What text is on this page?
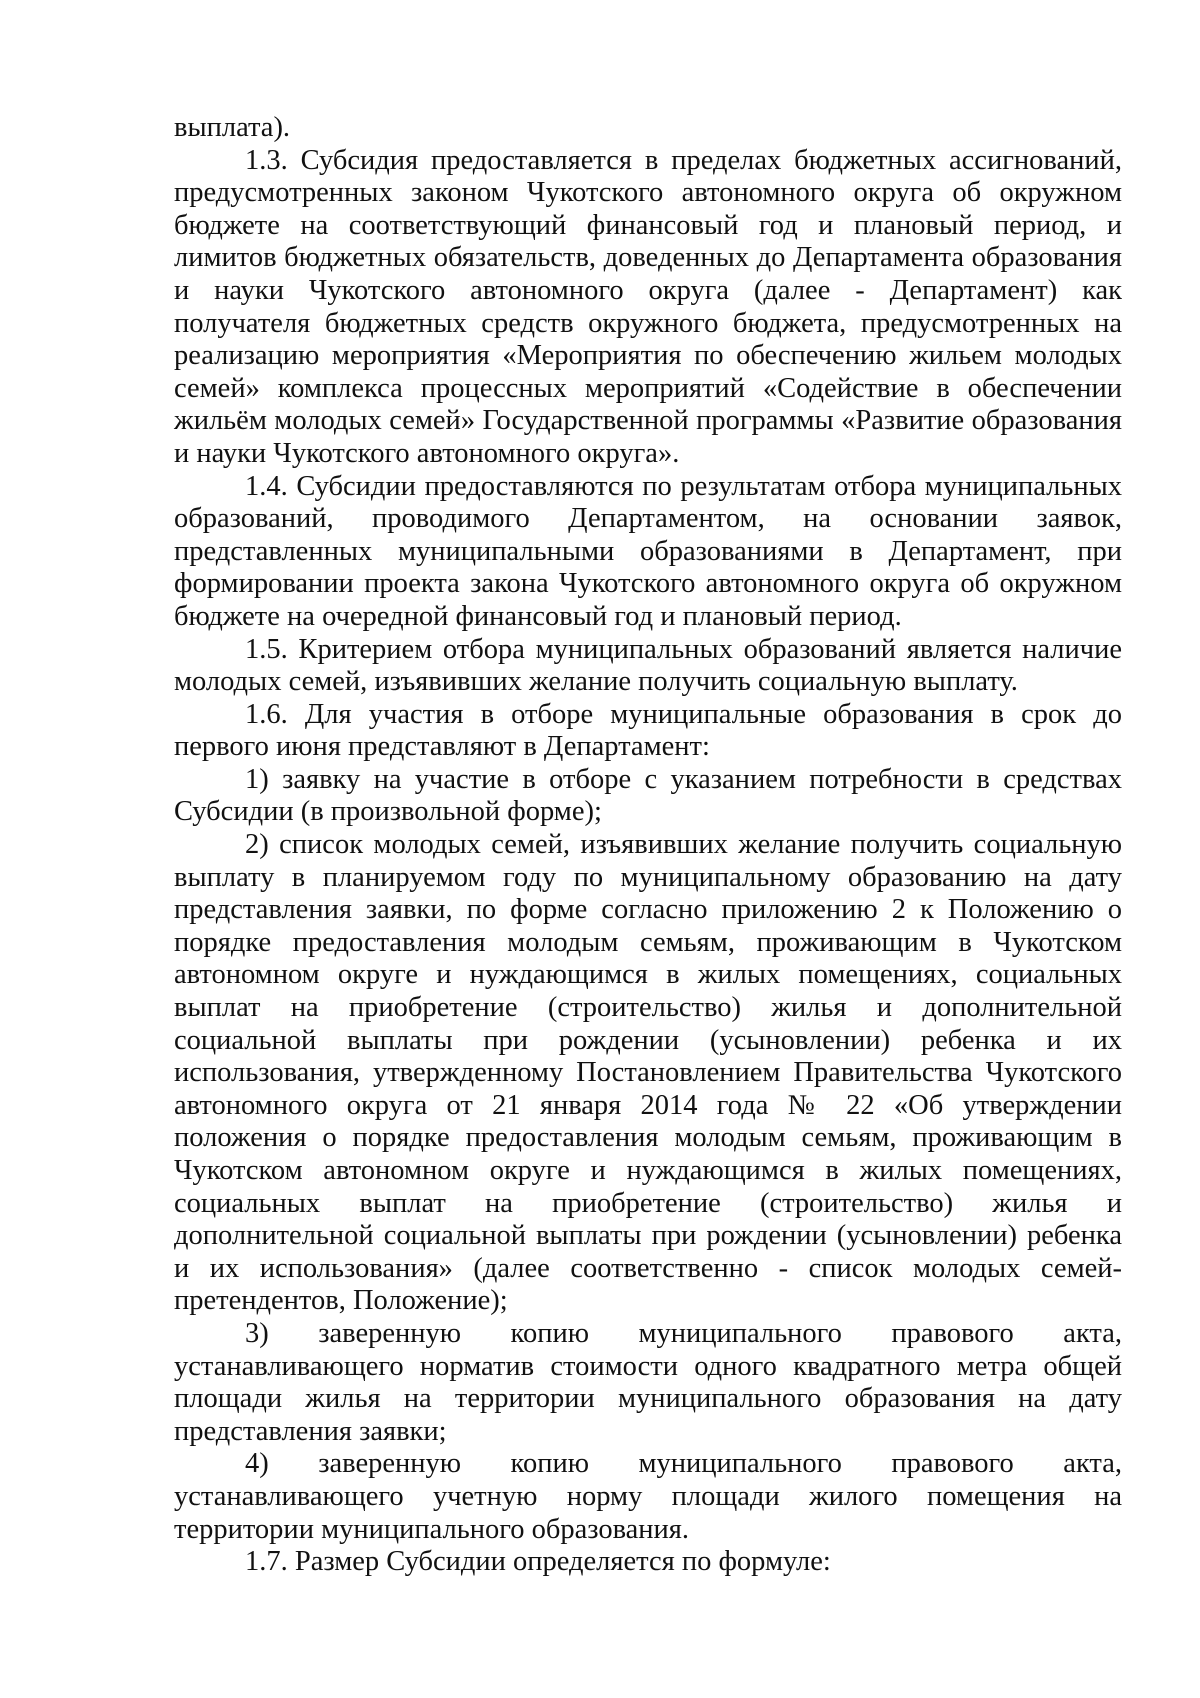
выплата).

1.3. Субсидия предоставляется в пределах бюджетных ассигнований, предусмотренных законом Чукотского автономного округа об окружном бюджете на соответствующий финансовый год и плановый период, и лимитов бюджетных обязательств, доведенных до Департамента образования и науки Чукотского автономного округа (далее - Департамент) как получателя бюджетных средств окружного бюджета, предусмотренных на реализацию мероприятия «Мероприятия по обеспечению жильем молодых семей» комплекса процессных мероприятий «Содействие в обеспечении жильём молодых семей» Государственной программы «Развитие образования и науки Чукотского автономного округа».

1.4. Субсидии предоставляются по результатам отбора муниципальных образований, проводимого Департаментом, на основании заявок, представленных муниципальными образованиями в Департамент, при формировании проекта закона Чукотского автономного округа об окружном бюджете на очередной финансовый год и плановый период.

1.5. Критерием отбора муниципальных образований является наличие молодых семей, изъявивших желание получить социальную выплату.

1.6. Для участия в отборе муниципальные образования в срок до первого июня представляют в Департамент:

1) заявку на участие в отборе с указанием потребности в средствах Субсидии (в произвольной форме);

2) список молодых семей, изъявивших желание получить социальную выплату в планируемом году по муниципальному образованию на дату представления заявки, по форме согласно приложению 2 к Положению о порядке предоставления молодым семьям, проживающим в Чукотском автономном округе и нуждающимся в жилых помещениях, социальных выплат на приобретение (строительство) жилья и дополнительной социальной выплаты при рождении (усыновлении) ребенка и их использования, утвержденному Постановлением Правительства Чукотского автономного округа от 21 января 2014 года № 22 «Об утверждении положения о порядке предоставления молодым семьям, проживающим в Чукотском автономном округе и нуждающимся в жилых помещениях, социальных выплат на приобретение (строительство) жилья и дополнительной социальной выплаты при рождении (усыновлении) ребенка и их использования» (далее соответственно - список молодых семей-претендентов, Положение);

3) заверенную копию муниципального правового акта, устанавливающего норматив стоимости одного квадратного метра общей площади жилья на территории муниципального образования на дату представления заявки;

4) заверенную копию муниципального правового акта, устанавливающего учетную норму площади жилого помещения на территории муниципального образования.

1.7. Размер Субсидии определяется по формуле:
